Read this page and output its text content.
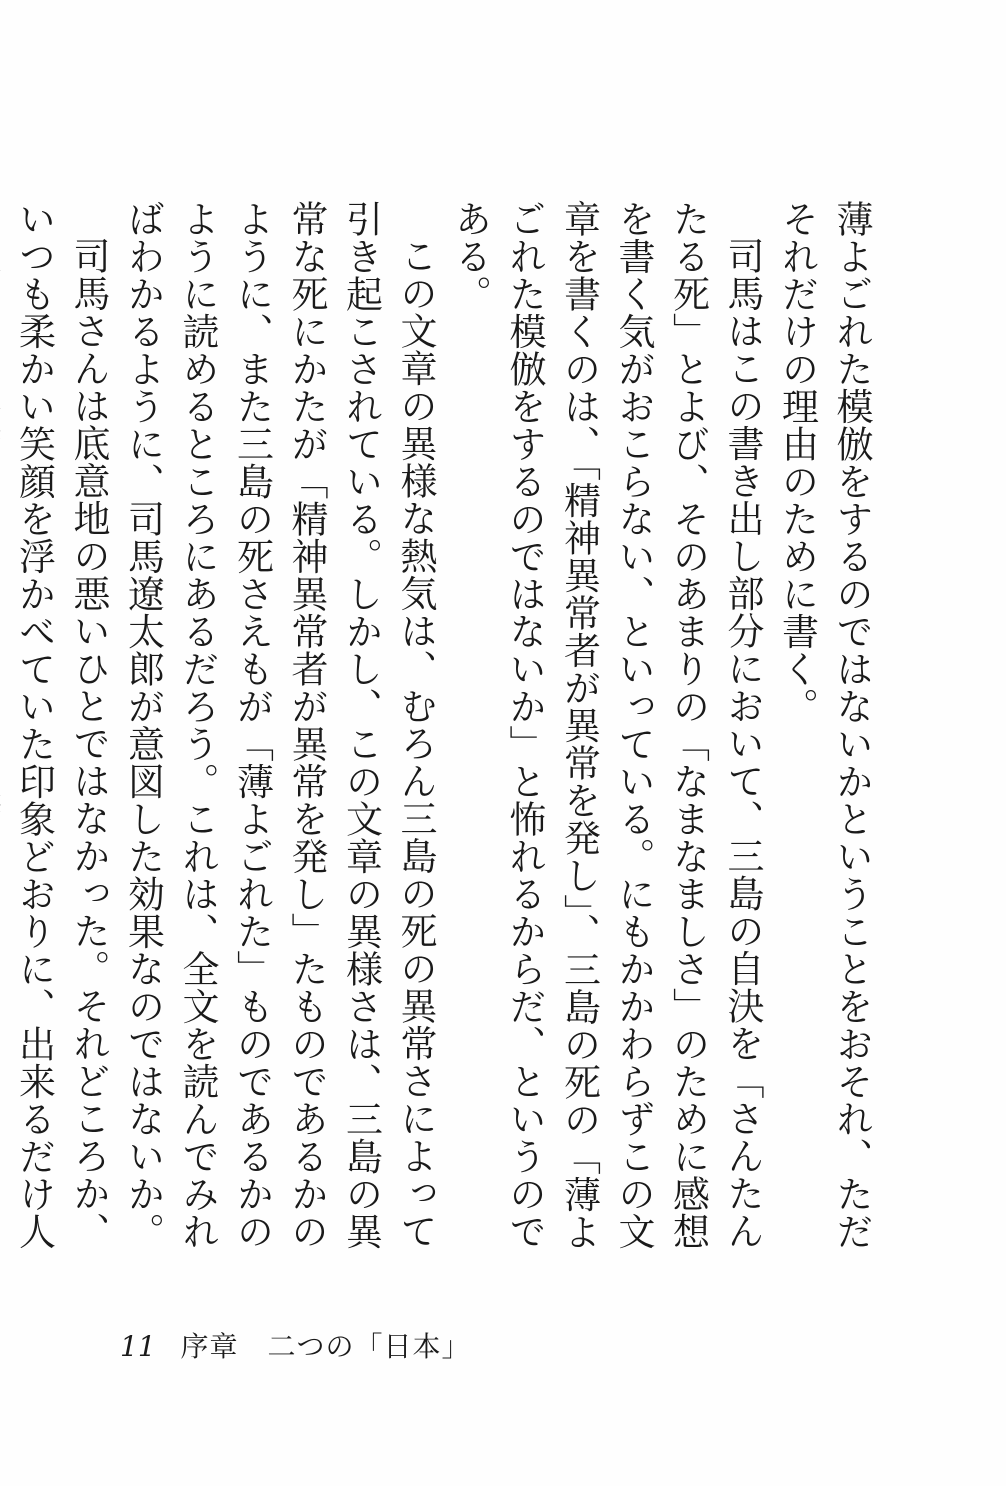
薄よごれた模倣をするのではないかということをおそれ、ただそれだけの理由のために書く。

司馬はこの書き出し部分において、三島の自決を「さんたんたる死」とよび、そのあまりの「なまなましさ」のために感想を書く気がおこらない、といっている。にもかかわらずこの文章を書くのは、「精神異常者が異常を発し」、三島の死の「薄よごれた模倣をするのではないか」と怖れるからだ、というのである。

この文章の異様な熱気は、むろん三島の死の異常さによって引き起こされている。しかし、この文章の異様さは、三島の異常な死にかたが「精神異常者が異常を発し」たものであるかのように、また三島の死さえもが「薄よごれた」ものであるかのように読めるところにあるだろう。これは、全文を読んでみればわかるように、司馬遼太郎が意図した効果なのではないか。

司馬さんは底意地の悪いひとではなかった。それどころか、いつも柔かい笑顔を浮かべていた印象どおりに、出来るだけ人

11 序章　二つの「日本」
